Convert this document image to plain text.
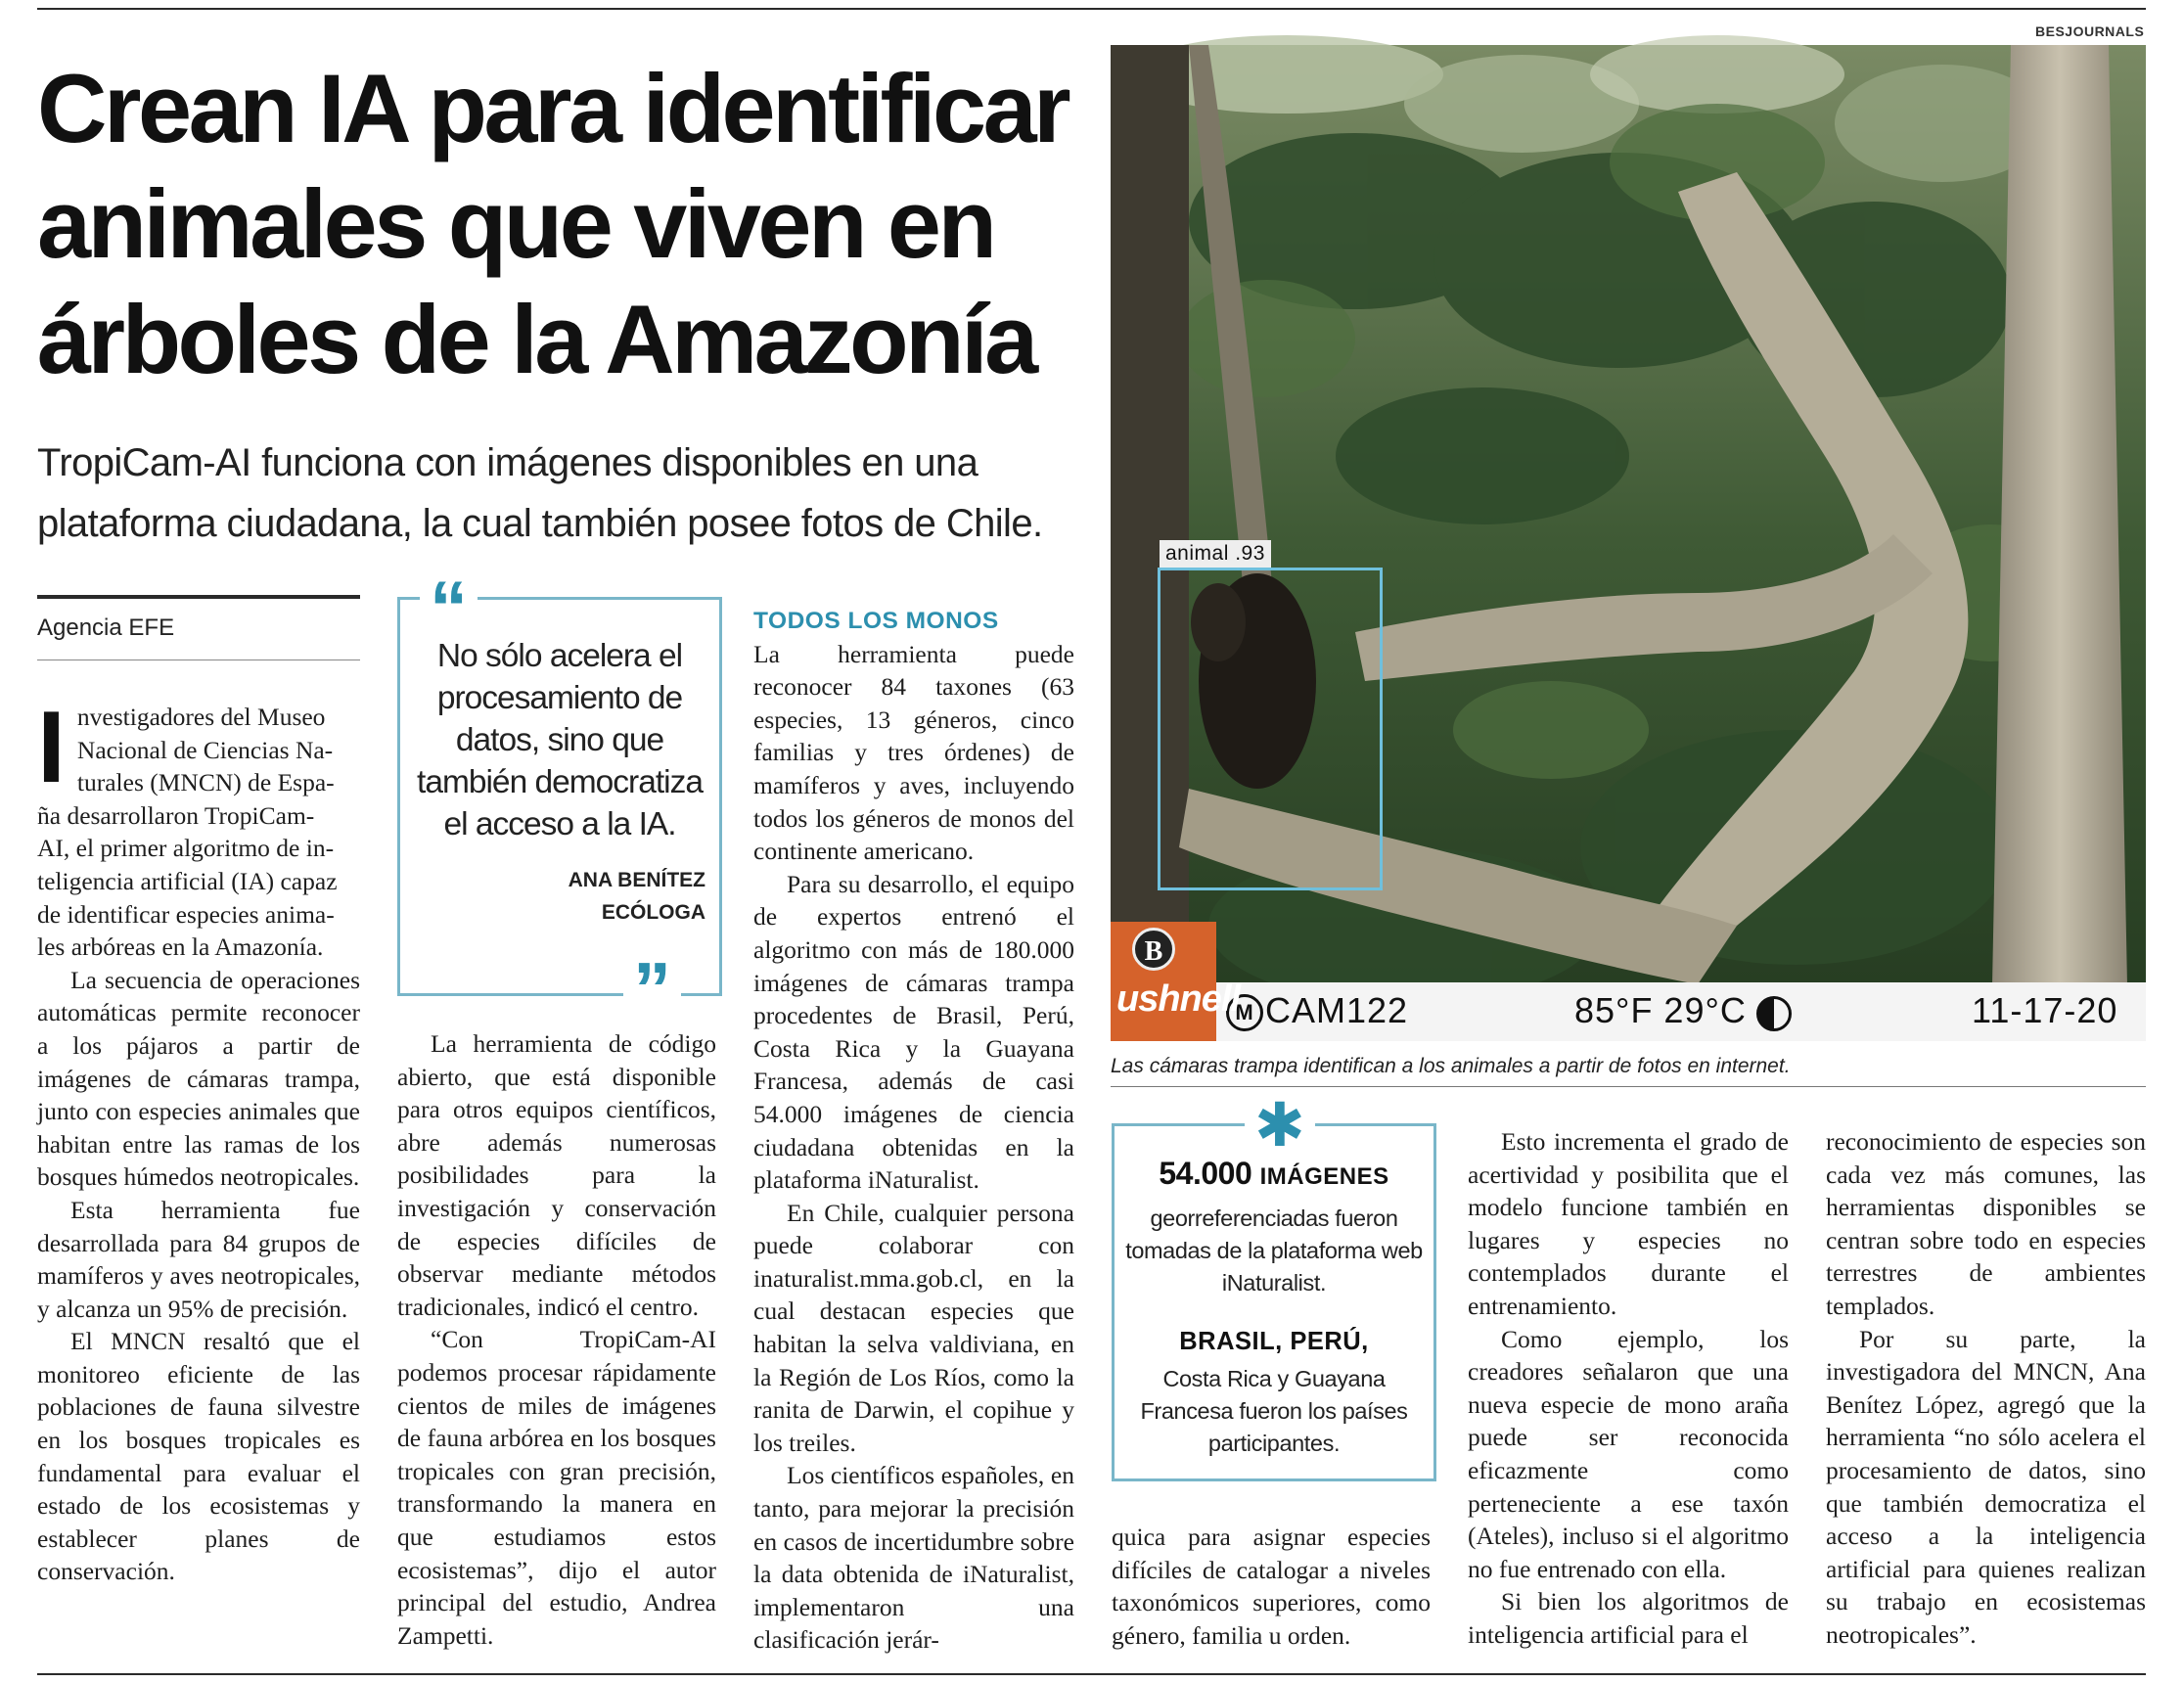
Crean IA para identificar
animales que viven en
árboles de la Amazonía
TropiCam-AI funciona con imágenes disponibles en una
plataforma ciudadana, la cual también posee fotos de Chile.
Agencia EFE
I nvestigadores del Museo
Nacional de Ciencias Na-
turales (MNCN) de Espa-
ña desarrollaron TropiCam-
AI, el primer algoritmo de in-
teligencia artificial (IA) capaz
de identificar especies anima-
les arbóreas en la Amazonía.

La secuencia de operaciones automáticas permite reconocer a los pájaros a partir de imágenes de cámaras trampa, junto con especies animales que habitan entre las ramas de los bosques húmedos neotropicales.

Esta herramienta fue desarrollada para 84 grupos de mamíferos y aves neotropicales, y alcanza un 95% de precisión.

El MNCN resaltó que el monitoreo eficiente de las poblaciones de fauna silvestre en los bosques tropicales es fundamental para evaluar el estado de los ecosistemas y establecer planes de conservación.

“
No sólo acelera el procesamiento de datos, sino que también democratiza el acceso a la IA.
ANA BENÍTEZ
ECÓLOGA
”

La herramienta de código abierto, que está disponible para otros equipos científicos, abre además numerosas posibilidades para la investigación y conservación de especies difíciles de observar mediante métodos tradicionales, indicó el centro.

“Con TropiCam-AI podemos procesar rápidamente cientos de miles de imágenes de fauna arbórea en los bosques tropicales con gran precisión, transformando la manera en que estudiamos estos ecosistemas”, dijo el autor principal del estudio, Andrea Zampetti.

TODOS LOS MONOS

La herramienta puede reconocer 84 taxones (63 especies, 13 géneros, cinco familias y tres órdenes) de mamíferos y aves, incluyendo todos los géneros de monos del continente americano.

Para su desarrollo, el equipo de expertos entrenó el algoritmo con más de 180.000 imágenes de cámaras trampa procedentes de Brasil, Perú, Costa Rica y la Guayana Francesa, además de casi 54.000 imágenes de ciencia ciudadana obtenidas en la plataforma iNaturalist.

En Chile, cualquier persona puede colaborar con inaturalist.mma.gob.cl, en la cual destacan especies que habitan la selva valdiviana, en la Región de Los Ríos, como la ranita de Darwin, el copihue y los treiles.

Los científicos españoles, en tanto, para mejorar la precisión en casos de incertidumbre sobre la data obtenida de iNaturalist, implementaron una clasificación jerár-

BESJOURNALS
animal .93
M CAM122	85°F 29°C	11-17-20
B
ushnell
Las cámaras trampa identifican a los animales a partir de fotos en internet.
✱
54.000 IMÁGENES
georreferenciadas fueron tomadas de la plataforma web iNaturalist.
BRASIL, PERÚ,
Costa Rica y Guayana Francesa fueron los países participantes.

quica para asignar especies difíciles de catalogar a niveles taxonómicos superiores, como género, familia u orden.

Esto incrementa el grado de acertividad y posibilita que el modelo funcione también en lugares y especies no contemplados durante el entrenamiento.

Como ejemplo, los creadores señalaron que una nueva especie de mono araña puede ser reconocida eficazmente como perteneciente a ese taxón (Ateles), incluso si el algoritmo no fue entrenado con ella.

Si bien los algoritmos de inteligencia artificial para el

reconocimiento de especies son cada vez más comunes, las herramientas disponibles se centran sobre todo en especies terrestres de ambientes templados.

Por su parte, la investigadora del MNCN, Ana Benítez López, agregó que la herramienta “no sólo acelera el procesamiento de datos, sino que también democratiza el acceso a la inteligencia artificial para quienes realizan su trabajo en ecosistemas neotropicales”.
